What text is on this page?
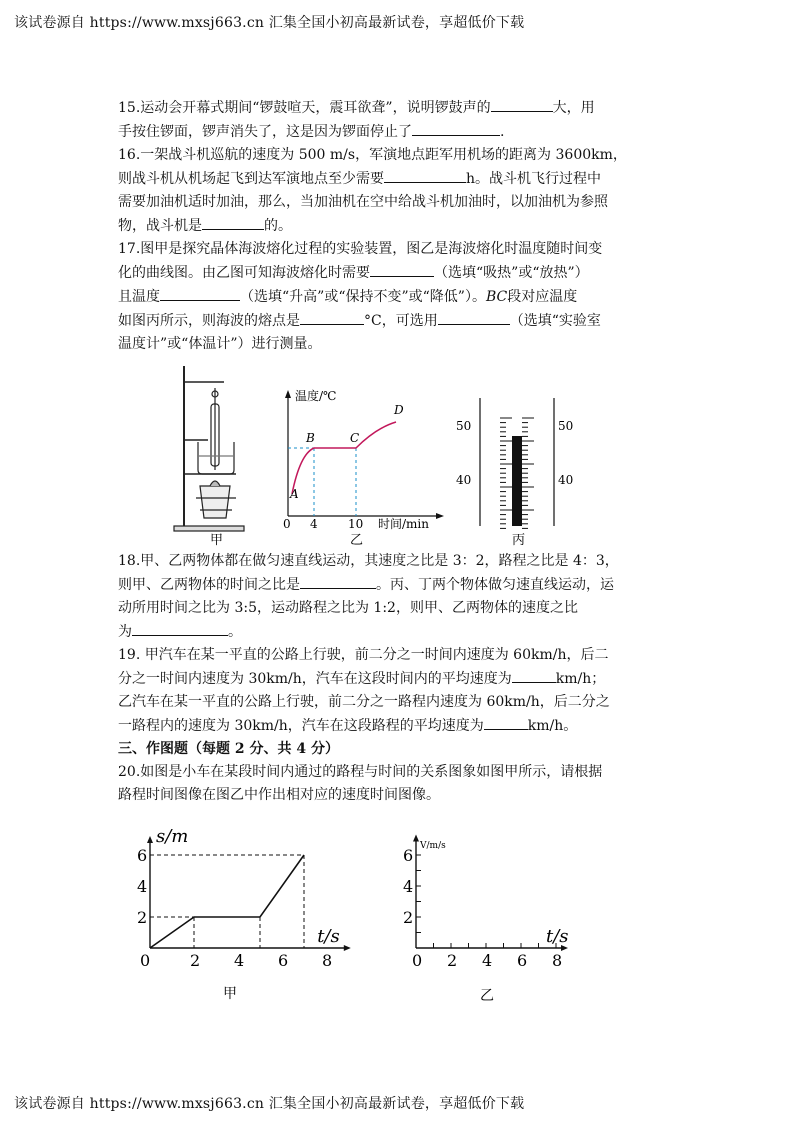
该试卷源自 https://www.mxsj663.cn 汇集全国小初高最新试卷，享超低价下载

15.运动会开幕式期间“锣鼓喧天，震耳欲聋”，说明锣鼓声的	大，用

手按住锣面，锣声消失了，这是因为锣面停止了	.

16.一架战斗机巡航的速度为 500 m/s，军演地点距军用机场的距离为 3600km，

则战斗机从机场起飞到达军演地点至少需要	h。战斗机飞行过程中

需要加油机适时加油，那么，当加油机在空中给战斗机加油时，以加油机为参照

物，战斗机是	的。

17.图甲是探究晶体海波熔化过程的实验装置，图乙是海波熔化时温度随时间变

化的曲线图。由乙图可知海波熔化时需要	（选填“吸热”或“放热”）

且温度	（选填“升高”或“保持不变”或“降低”）。BC段对应温度

如图丙所示，则海波的熔点是	°C，可选用	（选填“实验室

温度计”或“体温计”）进行测量。

温度/℃
时间/min
A
B	C
D
0 4	10
50	50
40	40
甲	乙	丙

18.甲、乙两物体都在做匀速直线运动，其速度之比是 3：2，路程之比是 4：3，

则甲、乙两物体的时间之比是	。丙、丁两个物体做匀速直线运动，运

动所用时间之比为 3:5，运动路程之比为 1:2，则甲、乙两物体的速度之比

为	。

19. 甲汽车在某一平直的公路上行驶，前二分之一时间内速度为 60km/h，后二

分之一时间内速度为 30km/h，汽车在这段时间内的平均速度为	km/h；

乙汽车在某一平直的公路上行驶，前二分之一路程内速度为 60km/h，后二分之

一路程内的速度为 30km/h，汽车在这段路程的平均速度为	km/h。

三、作图题（每题 2 分、共 4 分）

20.如图是小车在某段时间内通过的路程与时间的关系图象如图甲所示，请根据

路程时间图像在图乙中作出相对应的速度时间图像。

0 2 4 6 8
2
4
6
s/m
t/s
甲
0 2 4 6 8
2
4
6 V/m/s
t/s
乙
该试卷源自 https://www.mxsj663.cn 汇集全国小初高最新试卷，享超低价下载
